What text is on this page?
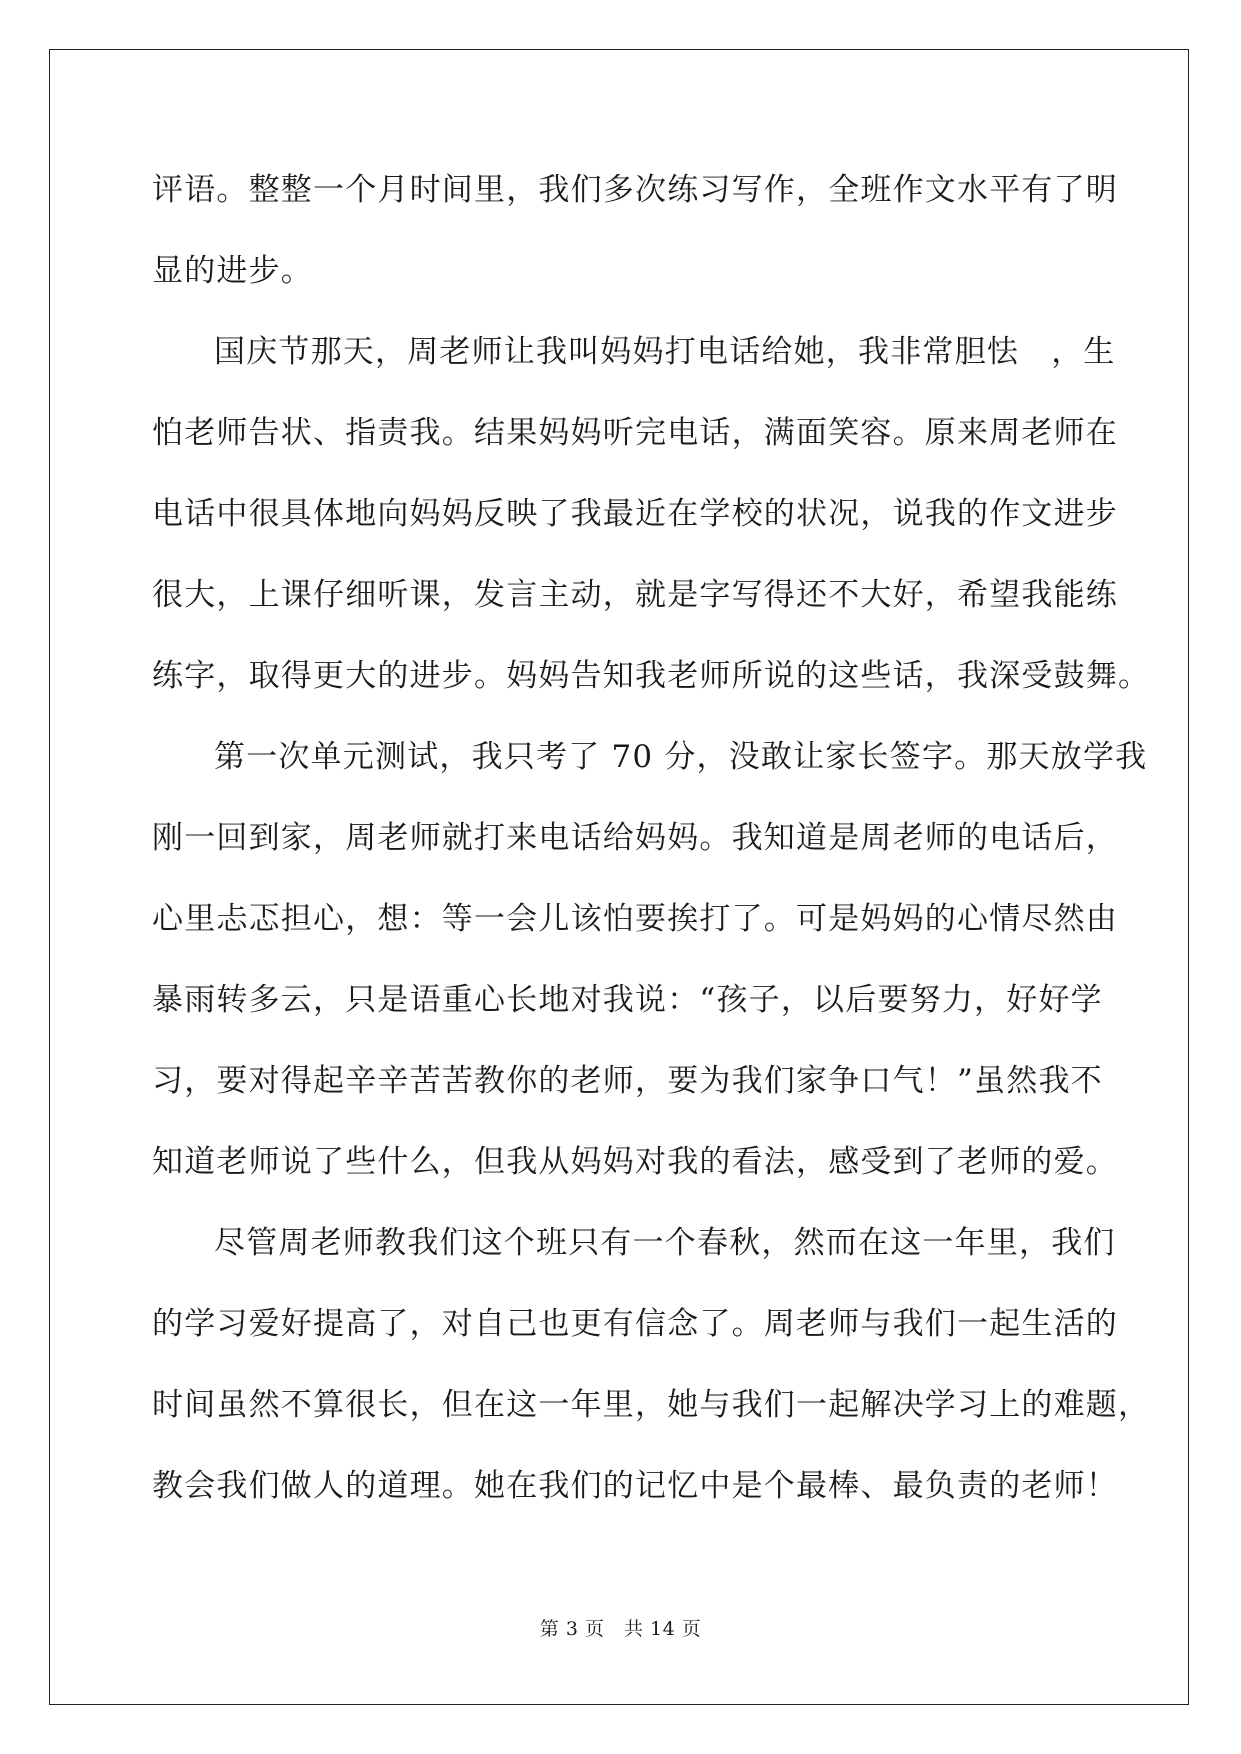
评语。整整一个月时间里，我们多次练习写作，全班作文水平有了明
显的进步。
国庆节那天，周老师让我叫妈妈打电话给她，我非常胆怯　，生
怕老师告状、指责我。结果妈妈听完电话，满面笑容。原来周老师在
电话中很具体地向妈妈反映了我最近在学校的状况，说我的作文进步
很大，上课仔细听课，发言主动，就是字写得还不大好，希望我能练
练字，取得更大的进步。妈妈告知我老师所说的这些话，我深受鼓舞。
第一次单元测试，我只考了 70 分，没敢让家长签字。那天放学我
刚一回到家，周老师就打来电话给妈妈。我知道是周老师的电话后，
心里忐忑担心，想：等一会儿该怕要挨打了。可是妈妈的心情尽然由
暴雨转多云，只是语重心长地对我说：“孩子，以后要努力，好好学
习，要对得起辛辛苦苦教你的老师，要为我们家争口气！”虽然我不
知道老师说了些什么，但我从妈妈对我的看法，感受到了老师的爱。
尽管周老师教我们这个班只有一个春秋，然而在这一年里，我们
的学习爱好提高了，对自己也更有信念了。周老师与我们一起生活的
时间虽然不算很长，但在这一年里，她与我们一起解决学习上的难题，
教会我们做人的道理。她在我们的记忆中是个最棒、最负责的老师！
第 3 页　共 14 页
